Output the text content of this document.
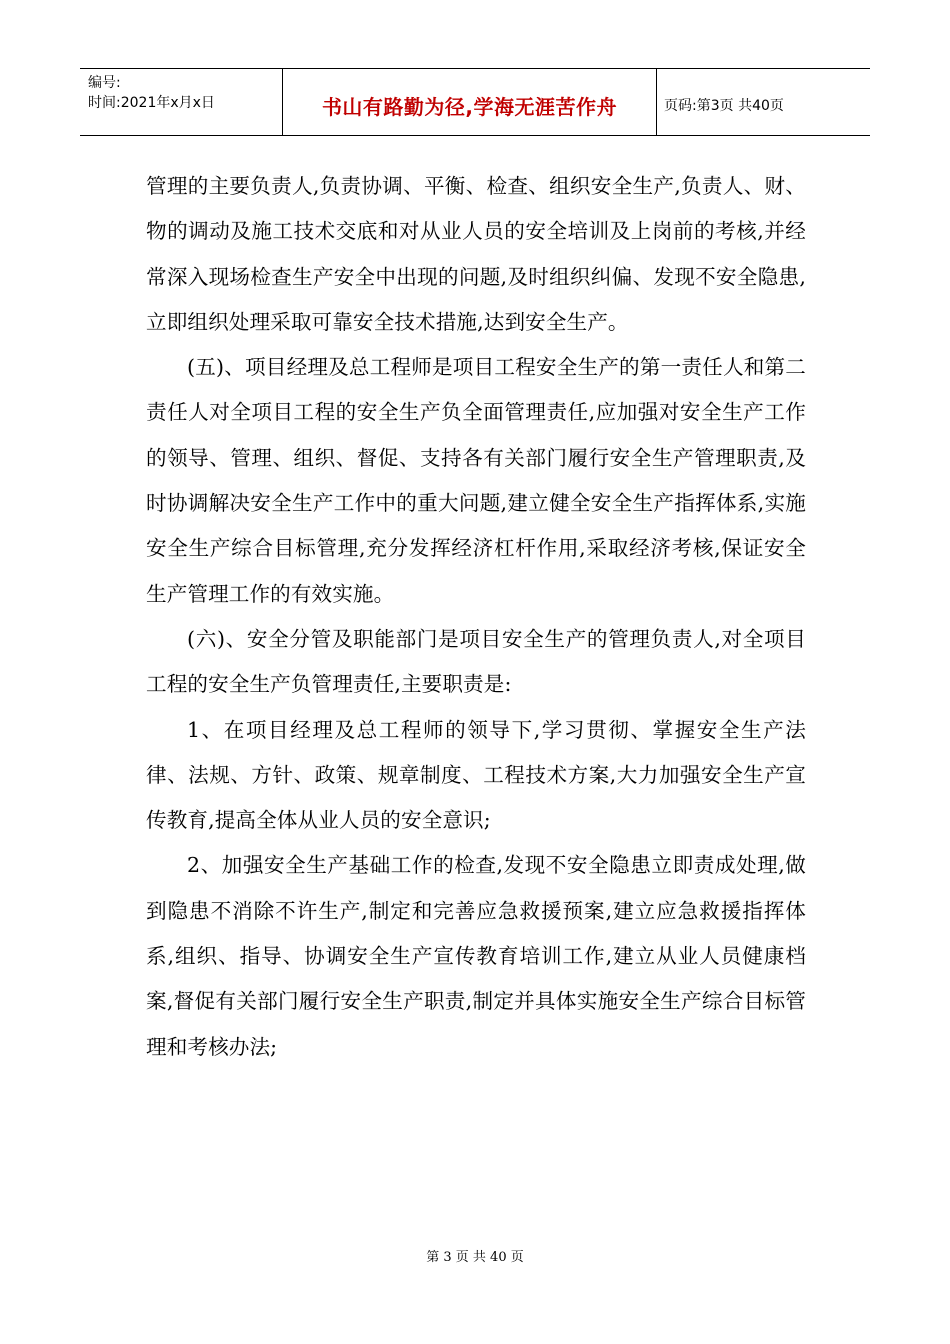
编号:
时间:2021年x月x日	书山有路勤为径,学海无涯苦作舟	页码:第3页 共40页

管理的主要负责人,负责协调、平衡、检查、组织安全生产,负责人、财、物的调动及施工技术交底和对从业人员的安全培训及上岗前的考核,并经常深入现场检查生产安全中出现的问题,及时组织纠偏、发现不安全隐患,立即组织处理采取可靠安全技术措施,达到安全生产。

(五)、项目经理及总工程师是项目工程安全生产的第一责任人和第二责任人对全项目工程的安全生产负全面管理责任,应加强对安全生产工作的领导、管理、组织、督促、支持各有关部门履行安全生产管理职责,及时协调解决安全生产工作中的重大问题,建立健全安全生产指挥体系,实施安全生产综合目标管理,充分发挥经济杠杆作用,采取经济考核,保证安全生产管理工作的有效实施。

(六)、安全分管及职能部门是项目安全生产的管理负责人,对全项目工程的安全生产负管理责任,主要职责是:

1、在项目经理及总工程师的领导下,学习贯彻、掌握安全生产法律、法规、方针、政策、规章制度、工程技术方案,大力加强安全生产宣传教育,提高全体从业人员的安全意识;

2、加强安全生产基础工作的检查,发现不安全隐患立即责成处理,做到隐患不消除不许生产,制定和完善应急救援预案,建立应急救援指挥体系,组织、指导、协调安全生产宣传教育培训工作,建立从业人员健康档案,督促有关部门履行安全生产职责,制定并具体实施安全生产综合目标管理和考核办法;

第 3 页 共 40 页
